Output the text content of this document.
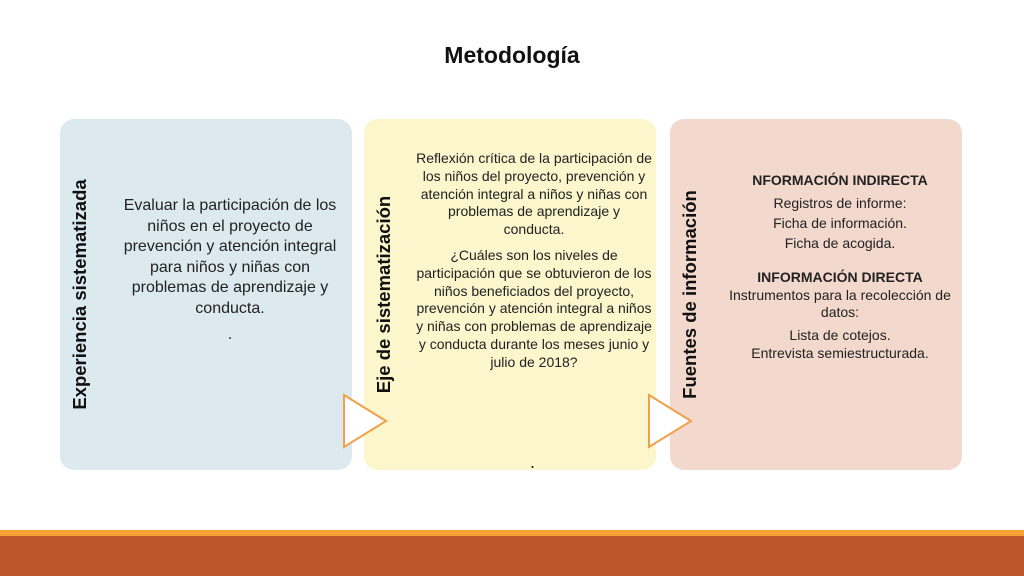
Metodología
Experiencia sistematizada	Eje de sistematización	Fuentes de información

Evaluar la participación de los niños en el proyecto de prevención y atención integral para niños y niñas con problemas de aprendizaje y conducta.

.

Reflexión crítica de la participación de los niños del proyecto, prevención y atención integral a niños y niñas con problemas de aprendizaje y conducta.

¿Cuáles son los niveles de participación que se obtuvieron de los niños beneficiados del proyecto, prevención y atención integral a niños y niñas con problemas de aprendizaje y conducta durante los meses junio y julio de 2018?

.

NFORMACIÓN INDIRECTA

Registros de informe:

Ficha de información.

Ficha de acogida.

INFORMACIÓN DIRECTA

Instrumentos para la recolección de datos:

Lista de cotejos.

Entrevista semiestructurada.
